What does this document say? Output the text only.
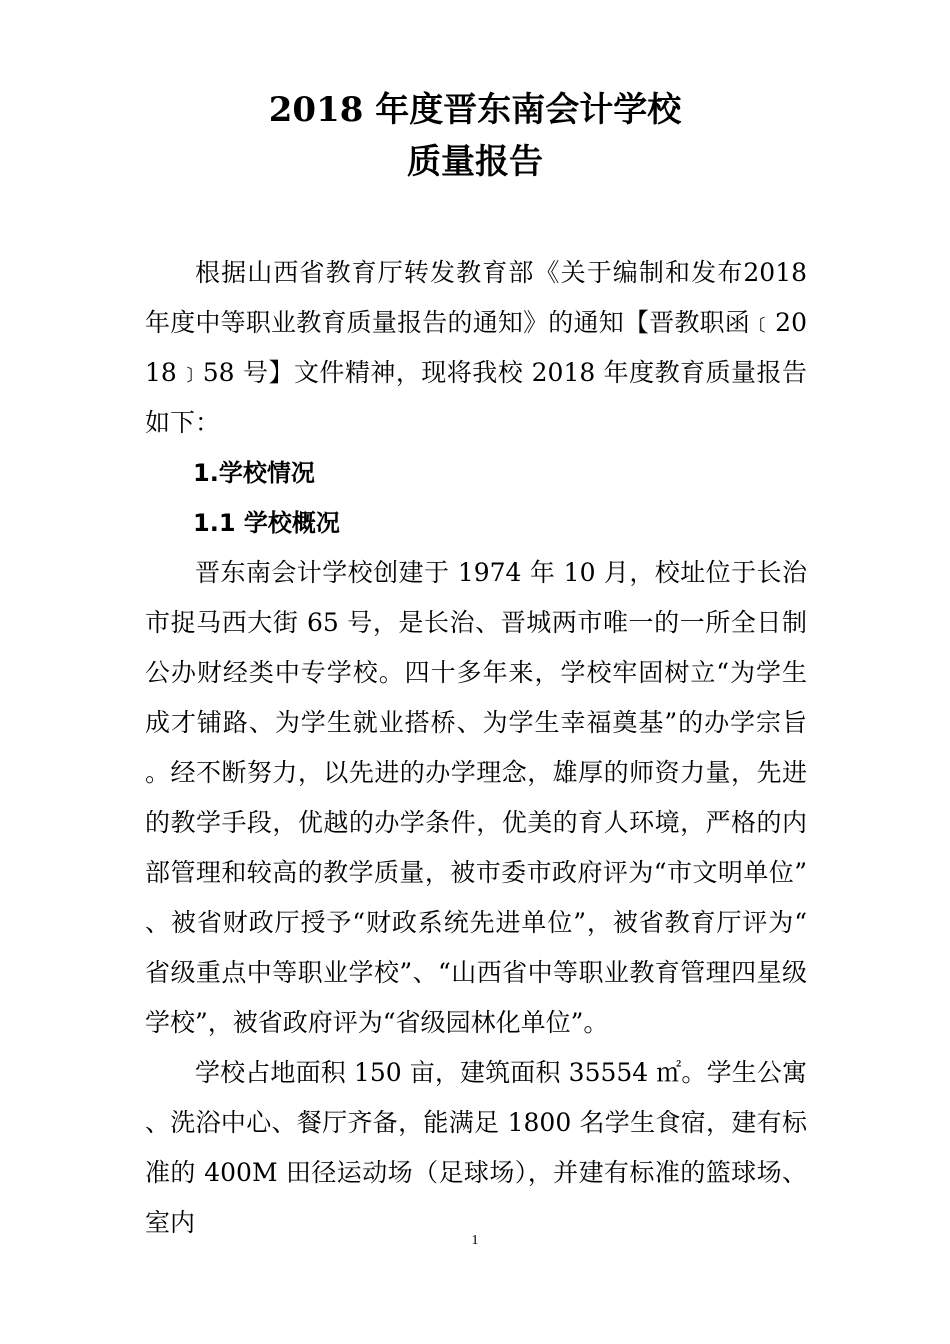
2018 年度晋东南会计学校
质量报告

根据山西省教育厅转发教育部《关于编制和发布2018 年度中等职业教育质量报告的通知》的通知【晋教职函﹝2018﹞58 号】文件精神，现将我校 2018 年度教育质量报告如下：

1.学校情况

1.1 学校概况

晋东南会计学校创建于 1974 年 10 月，校址位于长治市捉马西大街 65 号，是长治、晋城两市唯一的一所全日制公办财经类中专学校。四十多年来，学校牢固树立“为学生成才铺路、为学生就业搭桥、为学生幸福奠基”的办学宗旨。经不断努力，以先进的办学理念，雄厚的师资力量，先进的教学手段，优越的办学条件，优美的育人环境，严格的内部管理和较高的教学质量，被市委市政府评为“市文明单位”、被省财政厅授予“财政系统先进单位”，被省教育厅评为“省级重点中等职业学校”、“山西省中等职业教育管理四星级学校”，被省政府评为“省级园林化单位”。

学校占地面积 150 亩，建筑面积 35554 ㎡。学生公寓、洗浴中心、餐厅齐备，能满足 1800 名学生食宿，建有标准的 400M 田径运动场（足球场），并建有标准的篮球场、室内

1
